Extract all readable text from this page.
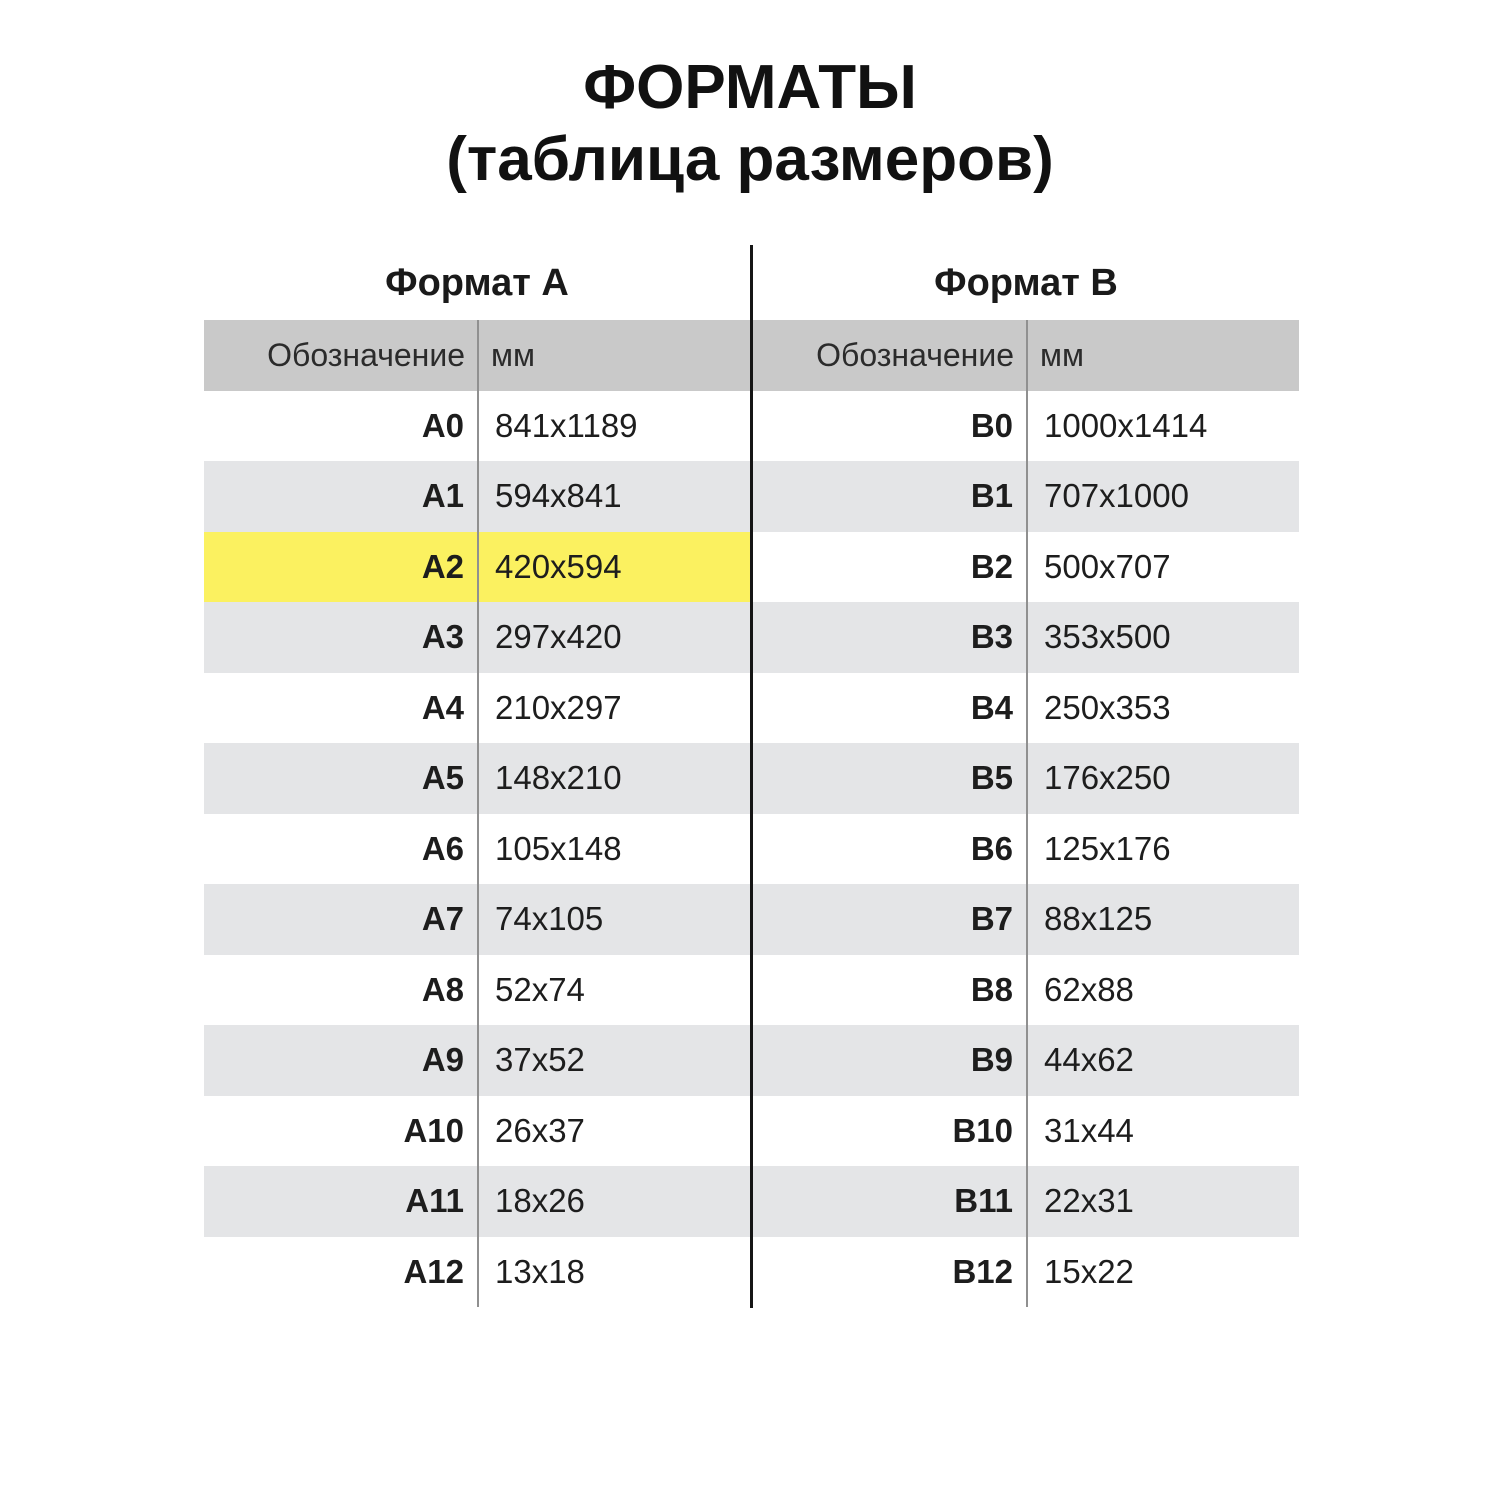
ФОРМАТЫ
(таблица размеров)
Формат A
Обозначение мм
A0 841x1189
A1 594x841
A2 420x594
A3 297x420
A4 210x297
A5 148x210
A6 105x148
A7 74x105
A8 52x74
A9 37x52
A10 26x37
A11 18x26
A12 13x18
Формат B
Обозначение мм
B0 1000x1414
B1 707x1000
B2 500x707
B3 353x500
B4 250x353
B5 176x250
B6 125x176
B7 88x125
B8 62x88
B9 44x62
B10 31x44
B11 22x31
B12 15x22
